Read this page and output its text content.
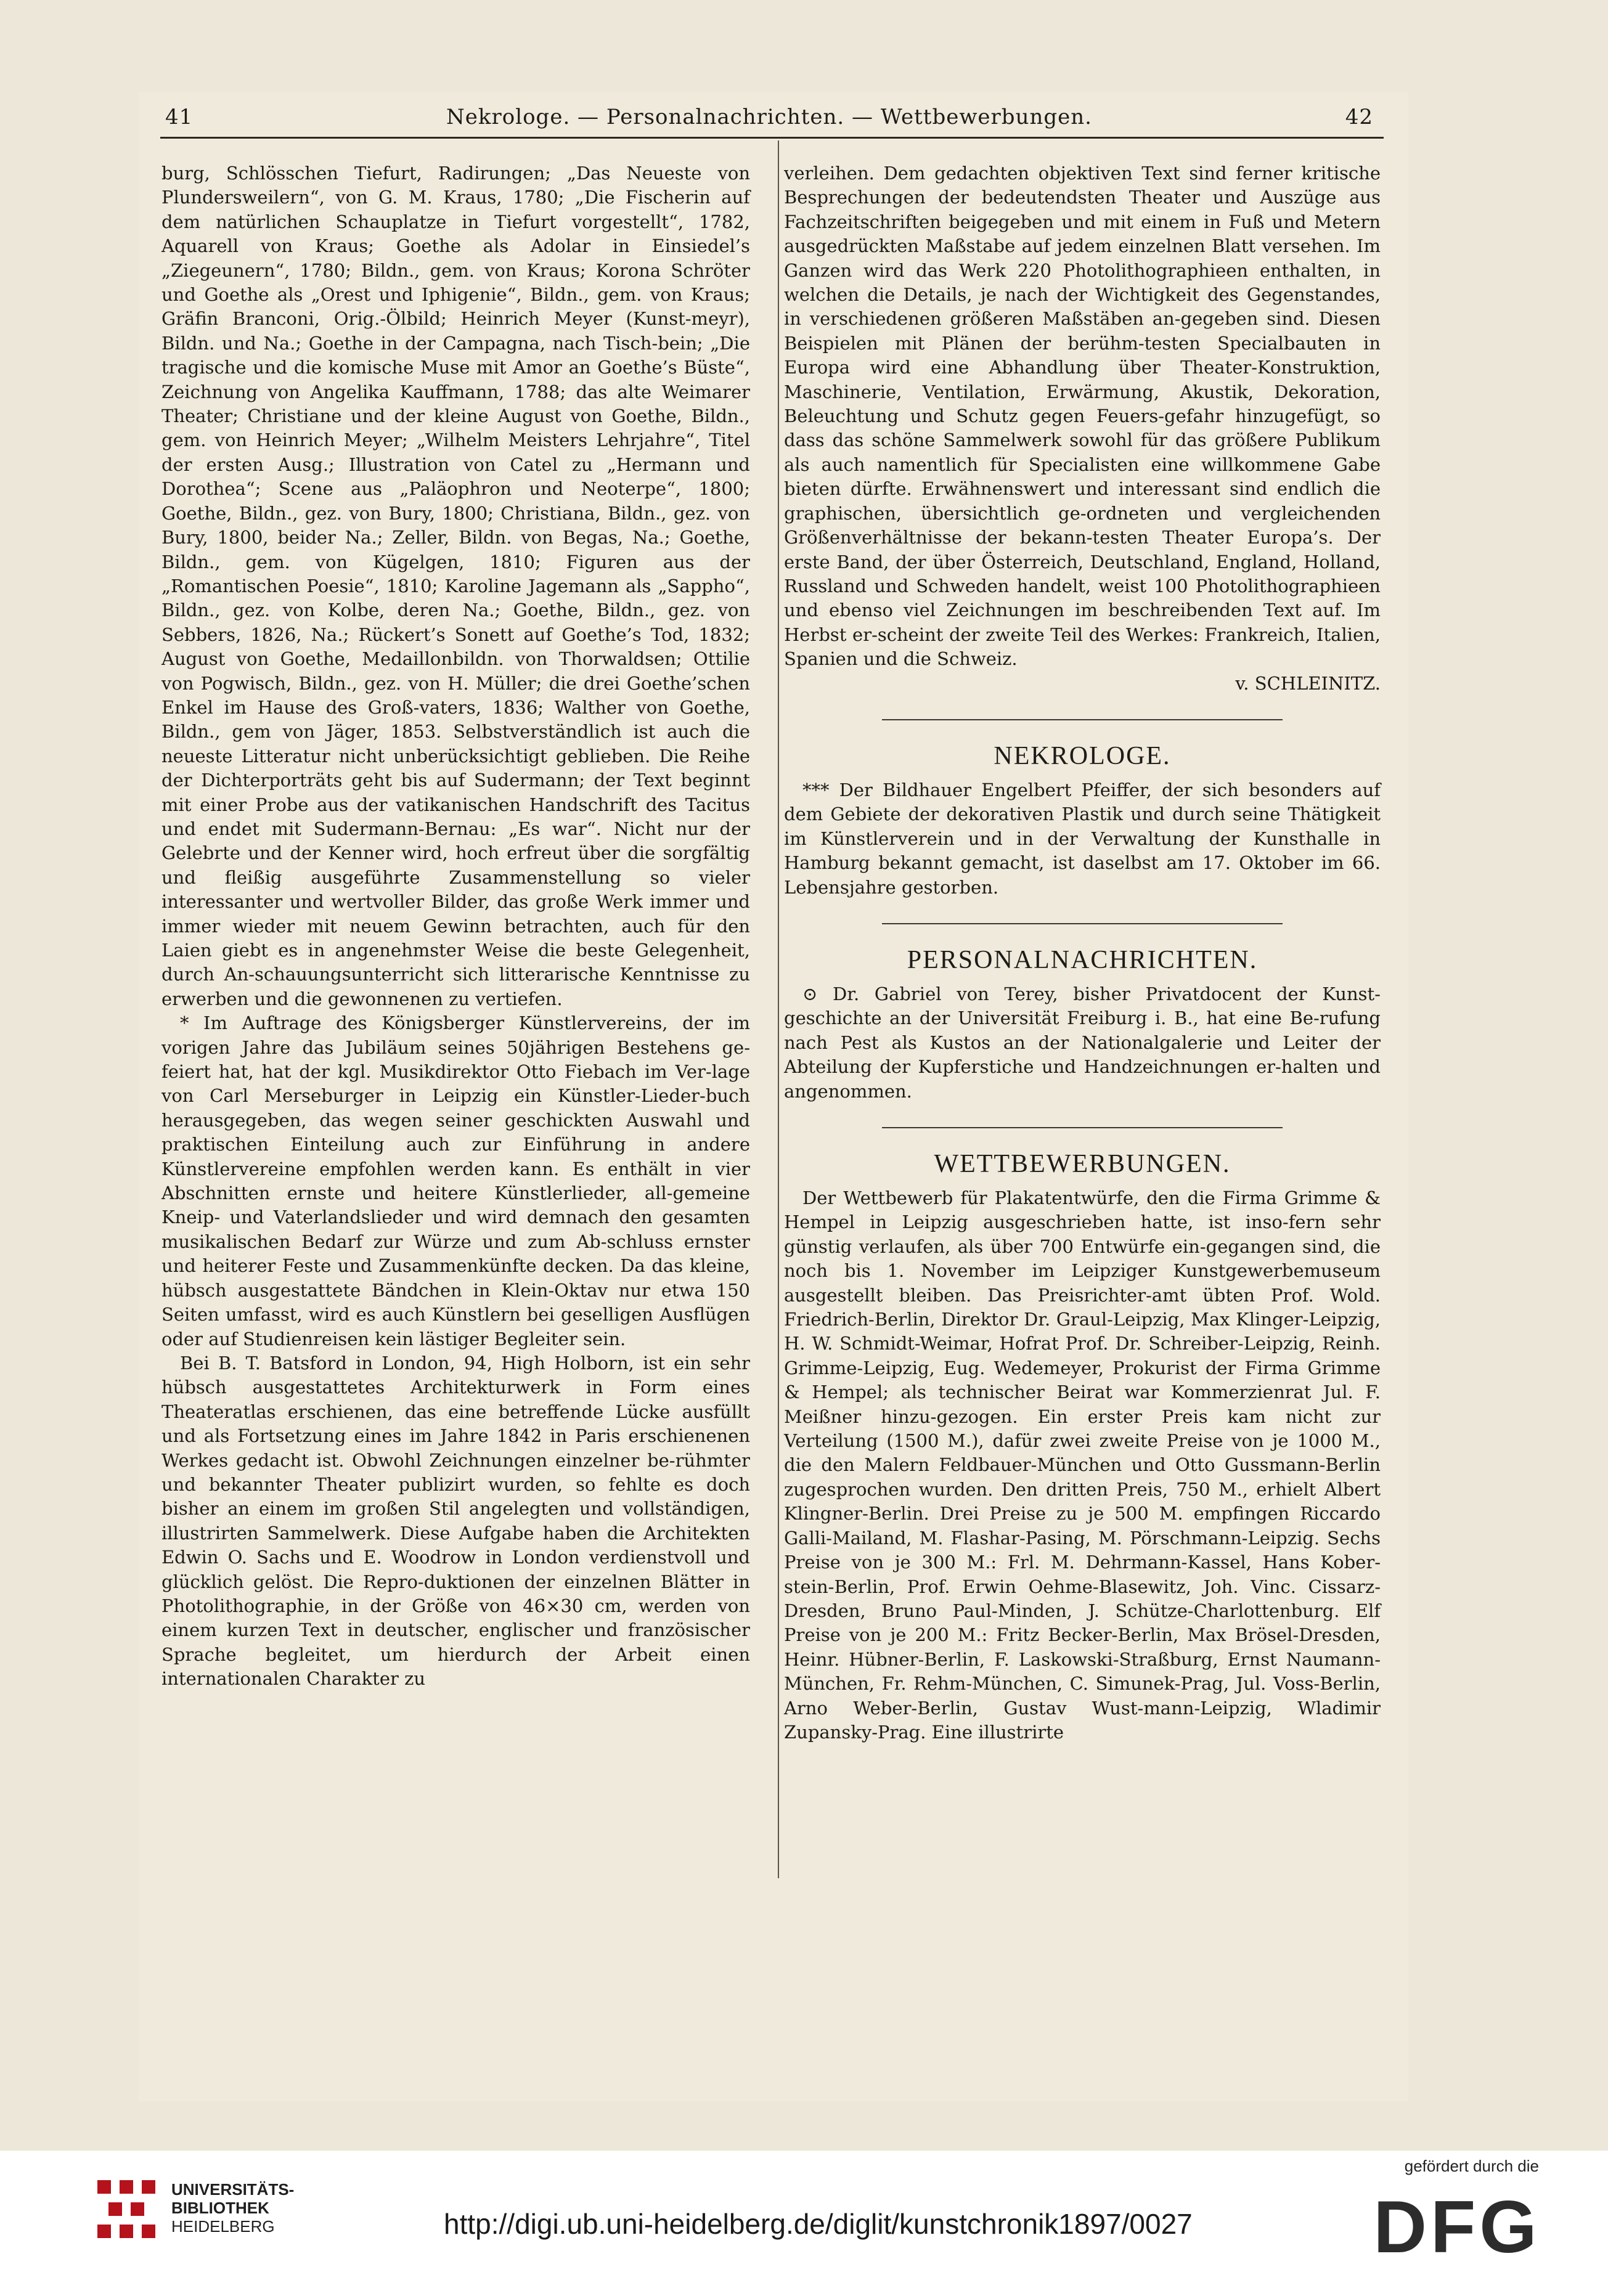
41	Nekrologe. — Personalnachrichten. — Wettbewerbungen.	42

burg, Schlösschen Tiefurt, Radirungen; „Das Neueste von Plundersweilern“, von G. M. Kraus, 1780; „Die Fischerin auf dem natürlichen Schauplatze in Tiefurt vorgestellt“, 1782, Aquarell von Kraus; Goethe als Adolar in Einsiedel’s „Ziegeunern“, 1780; Bildn., gem. von Kraus; Korona Schröter und Goethe als „Orest und Iphigenie“, Bildn., gem. von Kraus; Gräfin Branconi, Orig.-Ölbild; Heinrich Meyer (Kunst-meyr), Bildn. und Na.; Goethe in der Campagna, nach Tisch-bein; „Die tragische und die komische Muse mit Amor an Goethe’s Büste“, Zeichnung von Angelika Kauffmann, 1788; das alte Weimarer Theater; Christiane und der kleine August von Goethe, Bildn., gem. von Heinrich Meyer; „Wilhelm Meisters Lehrjahre“, Titel der ersten Ausg.; Illustration von Catel zu „Hermann und Dorothea“; Scene aus „Paläophron und Neoterpe“, 1800; Goethe, Bildn., gez. von Bury, 1800; Christiana, Bildn., gez. von Bury, 1800, beider Na.; Zeller, Bildn. von Begas, Na.; Goethe, Bildn., gem. von Kügelgen, 1810; Figuren aus der „Romantischen Poesie“, 1810; Karoline Jagemann als „Sappho“, Bildn., gez. von Kolbe, deren Na.; Goethe, Bildn., gez. von Sebbers, 1826, Na.; Rückert’s Sonett auf Goethe’s Tod, 1832; August von Goethe, Medaillonbildn. von Thorwaldsen; Ottilie von Pogwisch, Bildn., gez. von H. Müller; die drei Goethe’schen Enkel im Hause des Groß-vaters, 1836; Walther von Goethe, Bildn., gem von Jäger, 1853. Selbstverständlich ist auch die neueste Litteratur nicht unberücksichtigt geblieben. Die Reihe der Dichterporträts geht bis auf Sudermann; der Text beginnt mit einer Probe aus der vatikanischen Handschrift des Tacitus und endet mit Sudermann-Bernau: „Es war“. Nicht nur der Gelebrte und der Kenner wird, hoch erfreut über die sorgfältig und fleißig ausgeführte Zusammenstellung so vieler interessanter und wertvoller Bilder, das große Werk immer und immer wieder mit neuem Gewinn betrachten, auch für den Laien giebt es in angenehmster Weise die beste Gelegenheit, durch An-schauungsunterricht sich litterarische Kenntnisse zu erwerben und die gewonnenen zu vertiefen.

* Im Auftrage des Königsberger Künstlervereins, der im vorigen Jahre das Jubiläum seines 50jährigen Bestehens ge-feiert hat, hat der kgl. Musikdirektor Otto Fiebach im Ver-lage von Carl Merseburger in Leipzig ein Künstler-Lieder-buch herausgegeben, das wegen seiner geschickten Auswahl und praktischen Einteilung auch zur Einführung in andere Künstlervereine empfohlen werden kann. Es enthält in vier Abschnitten ernste und heitere Künstlerlieder, all-gemeine Kneip- und Vaterlandslieder und wird demnach den gesamten musikalischen Bedarf zur Würze und zum Ab-schluss ernster und heiterer Feste und Zusammenkünfte decken. Da das kleine, hübsch ausgestattete Bändchen in Klein-Oktav nur etwa 150 Seiten umfasst, wird es auch Künstlern bei geselligen Ausflügen oder auf Studienreisen kein lästiger Begleiter sein.

Bei B. T. Batsford in London, 94, High Holborn, ist ein sehr hübsch ausgestattetes Architekturwerk in Form eines Theateratlas erschienen, das eine betreffende Lücke ausfüllt und als Fortsetzung eines im Jahre 1842 in Paris erschienenen Werkes gedacht ist. Obwohl Zeichnungen einzelner be-rühmter und bekannter Theater publizirt wurden, so fehlte es doch bisher an einem im großen Stil angelegten und vollständigen, illustrirten Sammelwerk. Diese Aufgabe haben die Architekten Edwin O. Sachs und E. Woodrow in London verdienstvoll und glücklich gelöst. Die Repro-duktionen der einzelnen Blätter in Photolithographie, in der Größe von 46×30 cm, werden von einem kurzen Text in deutscher, englischer und französischer Sprache begleitet, um hierdurch der Arbeit einen internationalen Charakter zu

verleihen. Dem gedachten objektiven Text sind ferner kritische Besprechungen der bedeutendsten Theater und Auszüge aus Fachzeitschriften beigegeben und mit einem in Fuß und Metern ausgedrückten Maßstabe auf jedem einzelnen Blatt versehen. Im Ganzen wird das Werk 220 Photolithographieen enthalten, in welchen die Details, je nach der Wichtigkeit des Gegenstandes, in verschiedenen größeren Maßstäben an-gegeben sind. Diesen Beispielen mit Plänen der berühm-testen Specialbauten in Europa wird eine Abhandlung über Theater-Konstruktion, Maschinerie, Ventilation, Erwärmung, Akustik, Dekoration, Beleuchtung und Schutz gegen Feuers-gefahr hinzugefügt, so dass das schöne Sammelwerk sowohl für das größere Publikum als auch namentlich für Specialisten eine willkommene Gabe bieten dürfte. Erwähnenswert und interessant sind endlich die graphischen, übersichtlich ge-ordneten und vergleichenden Größenverhältnisse der bekann-testen Theater Europa’s. Der erste Band, der über Österreich, Deutschland, England, Holland, Russland und Schweden handelt, weist 100 Photolithographieen und ebenso viel Zeichnungen im beschreibenden Text auf. Im Herbst er-scheint der zweite Teil des Werkes: Frankreich, Italien, Spanien und die Schweiz.

v. SCHLEINITZ.

NEKROLOGE.

*** Der Bildhauer Engelbert Pfeiffer, der sich besonders auf dem Gebiete der dekorativen Plastik und durch seine Thätigkeit im Künstlerverein und in der Verwaltung der Kunsthalle in Hamburg bekannt gemacht, ist daselbst am 17. Oktober im 66. Lebensjahre gestorben.

PERSONALNACHRICHTEN.

⊙ Dr. Gabriel von Terey, bisher Privatdocent der Kunst-geschichte an der Universität Freiburg i. B., hat eine Be-rufung nach Pest als Kustos an der Nationalgalerie und Leiter der Abteilung der Kupferstiche und Handzeichnungen er-halten und angenommen.

WETTBEWERBUNGEN.

Der Wettbewerb für Plakatentwürfe, den die Firma Grimme & Hempel in Leipzig ausgeschrieben hatte, ist inso-fern sehr günstig verlaufen, als über 700 Entwürfe ein-gegangen sind, die noch bis 1. November im Leipziger Kunstgewerbemuseum ausgestellt bleiben. Das Preisrichter-amt übten Prof. Wold. Friedrich-Berlin, Direktor Dr. Graul-Leipzig, Max Klinger-Leipzig, H. W. Schmidt-Weimar, Hofrat Prof. Dr. Schreiber-Leipzig, Reinh. Grimme-Leipzig, Eug. Wedemeyer, Prokurist der Firma Grimme & Hempel; als technischer Beirat war Kommerzienrat Jul. F. Meißner hinzu-gezogen. Ein erster Preis kam nicht zur Verteilung (1500 M.), dafür zwei zweite Preise von je 1000 M., die den Malern Feldbauer-München und Otto Gussmann-Berlin zugesprochen wurden. Den dritten Preis, 750 M., erhielt Albert Klingner-Berlin. Drei Preise zu je 500 M. empfingen Riccardo Galli-Mailand, M. Flashar-Pasing, M. Pörschmann-Leipzig. Sechs Preise von je 300 M.: Frl. M. Dehrmann-Kassel, Hans Kober-stein-Berlin, Prof. Erwin Oehme-Blasewitz, Joh. Vinc. Cissarz-Dresden, Bruno Paul-Minden, J. Schütze-Charlottenburg. Elf Preise von je 200 M.: Fritz Becker-Berlin, Max Brösel-Dresden, Heinr. Hübner-Berlin, F. Laskowski-Straßburg, Ernst Naumann-München, Fr. Rehm-München, C. Simunek-Prag, Jul. Voss-Berlin, Arno Weber-Berlin, Gustav Wust-mann-Leipzig, Wladimir Zupansky-Prag. Eine illustrirte

UNIVERSITÄTS-
BIBLIOTHEK
HEIDELBERG	http://digi.ub.uni-heidelberg.de/diglit/kunstchronik1897/0027
gefördert durch die
DFG
